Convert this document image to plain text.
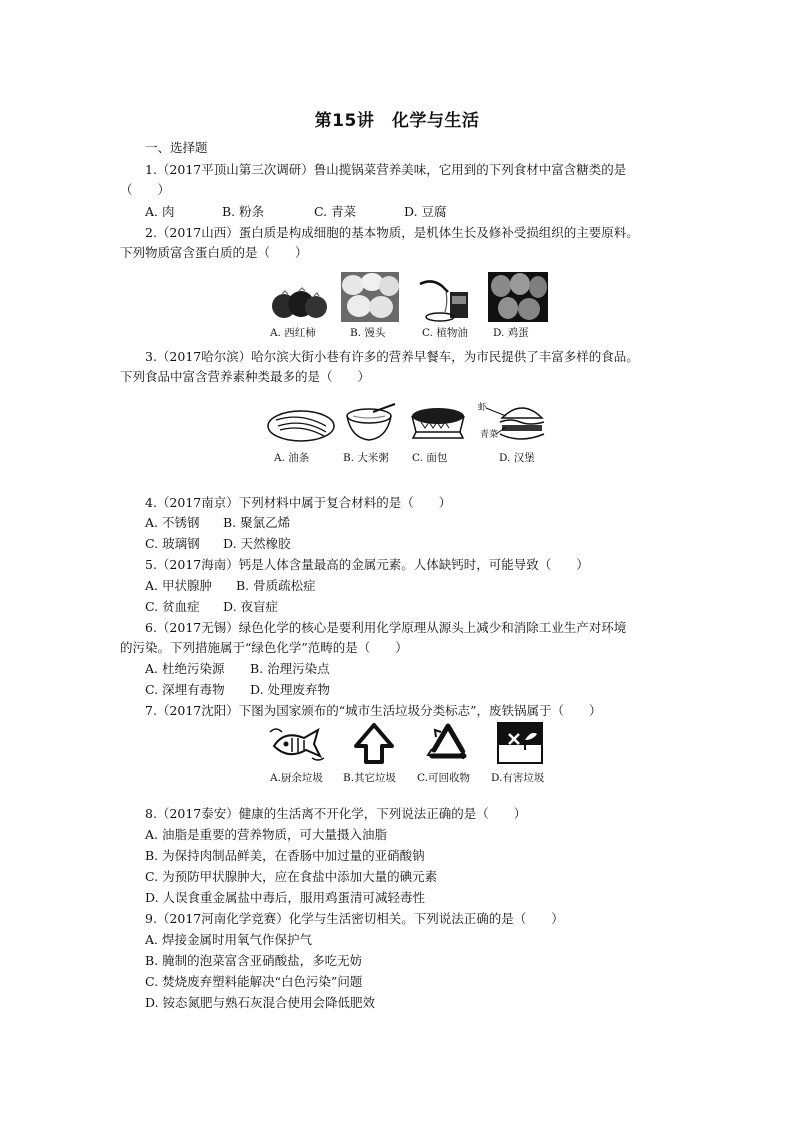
第15讲　化学与生活
一、选择题
1.（2017平顶山第三次调研）鲁山揽锅菜营养美味，它用到的下列食材中富含糖类的是
（　　）
A. 肉	B. 粉条	C. 青菜	D. 豆腐
2.（2017山西）蛋白质是构成细胞的基本物质，是机体生长及修补受损组织的主要原料。
下列物质富含蛋白质的是（　　）
A. 西红柿	B. 馒头	C. 植物油 D. 鸡蛋
3.（2017哈尔滨）哈尔滨大街小巷有许多的营养早餐车，为市民提供了丰富多样的食品。
下列食品中富含营养素种类最多的是（　　）
虾
青菜
A. 油条	B. 大米粥 C. 面包	D. 汉堡
4.（2017南京）下列材料中属于复合材料的是（　　）
A. 不锈钢 B. 聚氯乙烯
C. 玻璃钢 D. 天然橡胶
5.（2017海南）钙是人体含量最高的金属元素。人体缺钙时，可能导致（　　）
A. 甲状腺肿 B. 骨质疏松症
C. 贫血症 D. 夜盲症
6.（2017无锡）绿色化学的核心是要利用化学原理从源头上减少和消除工业生产对环境
的污染。下列措施属于“绿色化学”范畴的是（　　）
A. 杜绝污染源 B. 治理污染点
C. 深埋有毒物 D. 处理废弃物
7.（2017沈阳）下图为国家颁布的“城市生活垃圾分类标志”，废铁锅属于（　　）
A.厨余垃圾 B.其它垃圾 C.可回收物 D.有害垃圾
8.（2017泰安）健康的生活离不开化学，下列说法正确的是（　　）
A. 油脂是重要的营养物质，可大量摄入油脂
B. 为保持肉制品鲜美，在香肠中加过量的亚硝酸钠
C. 为预防甲状腺肿大，应在食盐中添加大量的碘元素
D. 人误食重金属盐中毒后，服用鸡蛋清可减轻毒性
9.（2017河南化学竞赛）化学与生活密切相关。下列说法正确的是（　　）
A. 焊接金属时用氧气作保护气
B. 腌制的泡菜富含亚硝酸盐，多吃无妨
C. 焚烧废弃塑料能解决“白色污染”问题
D. 铵态氮肥与熟石灰混合使用会降低肥效
